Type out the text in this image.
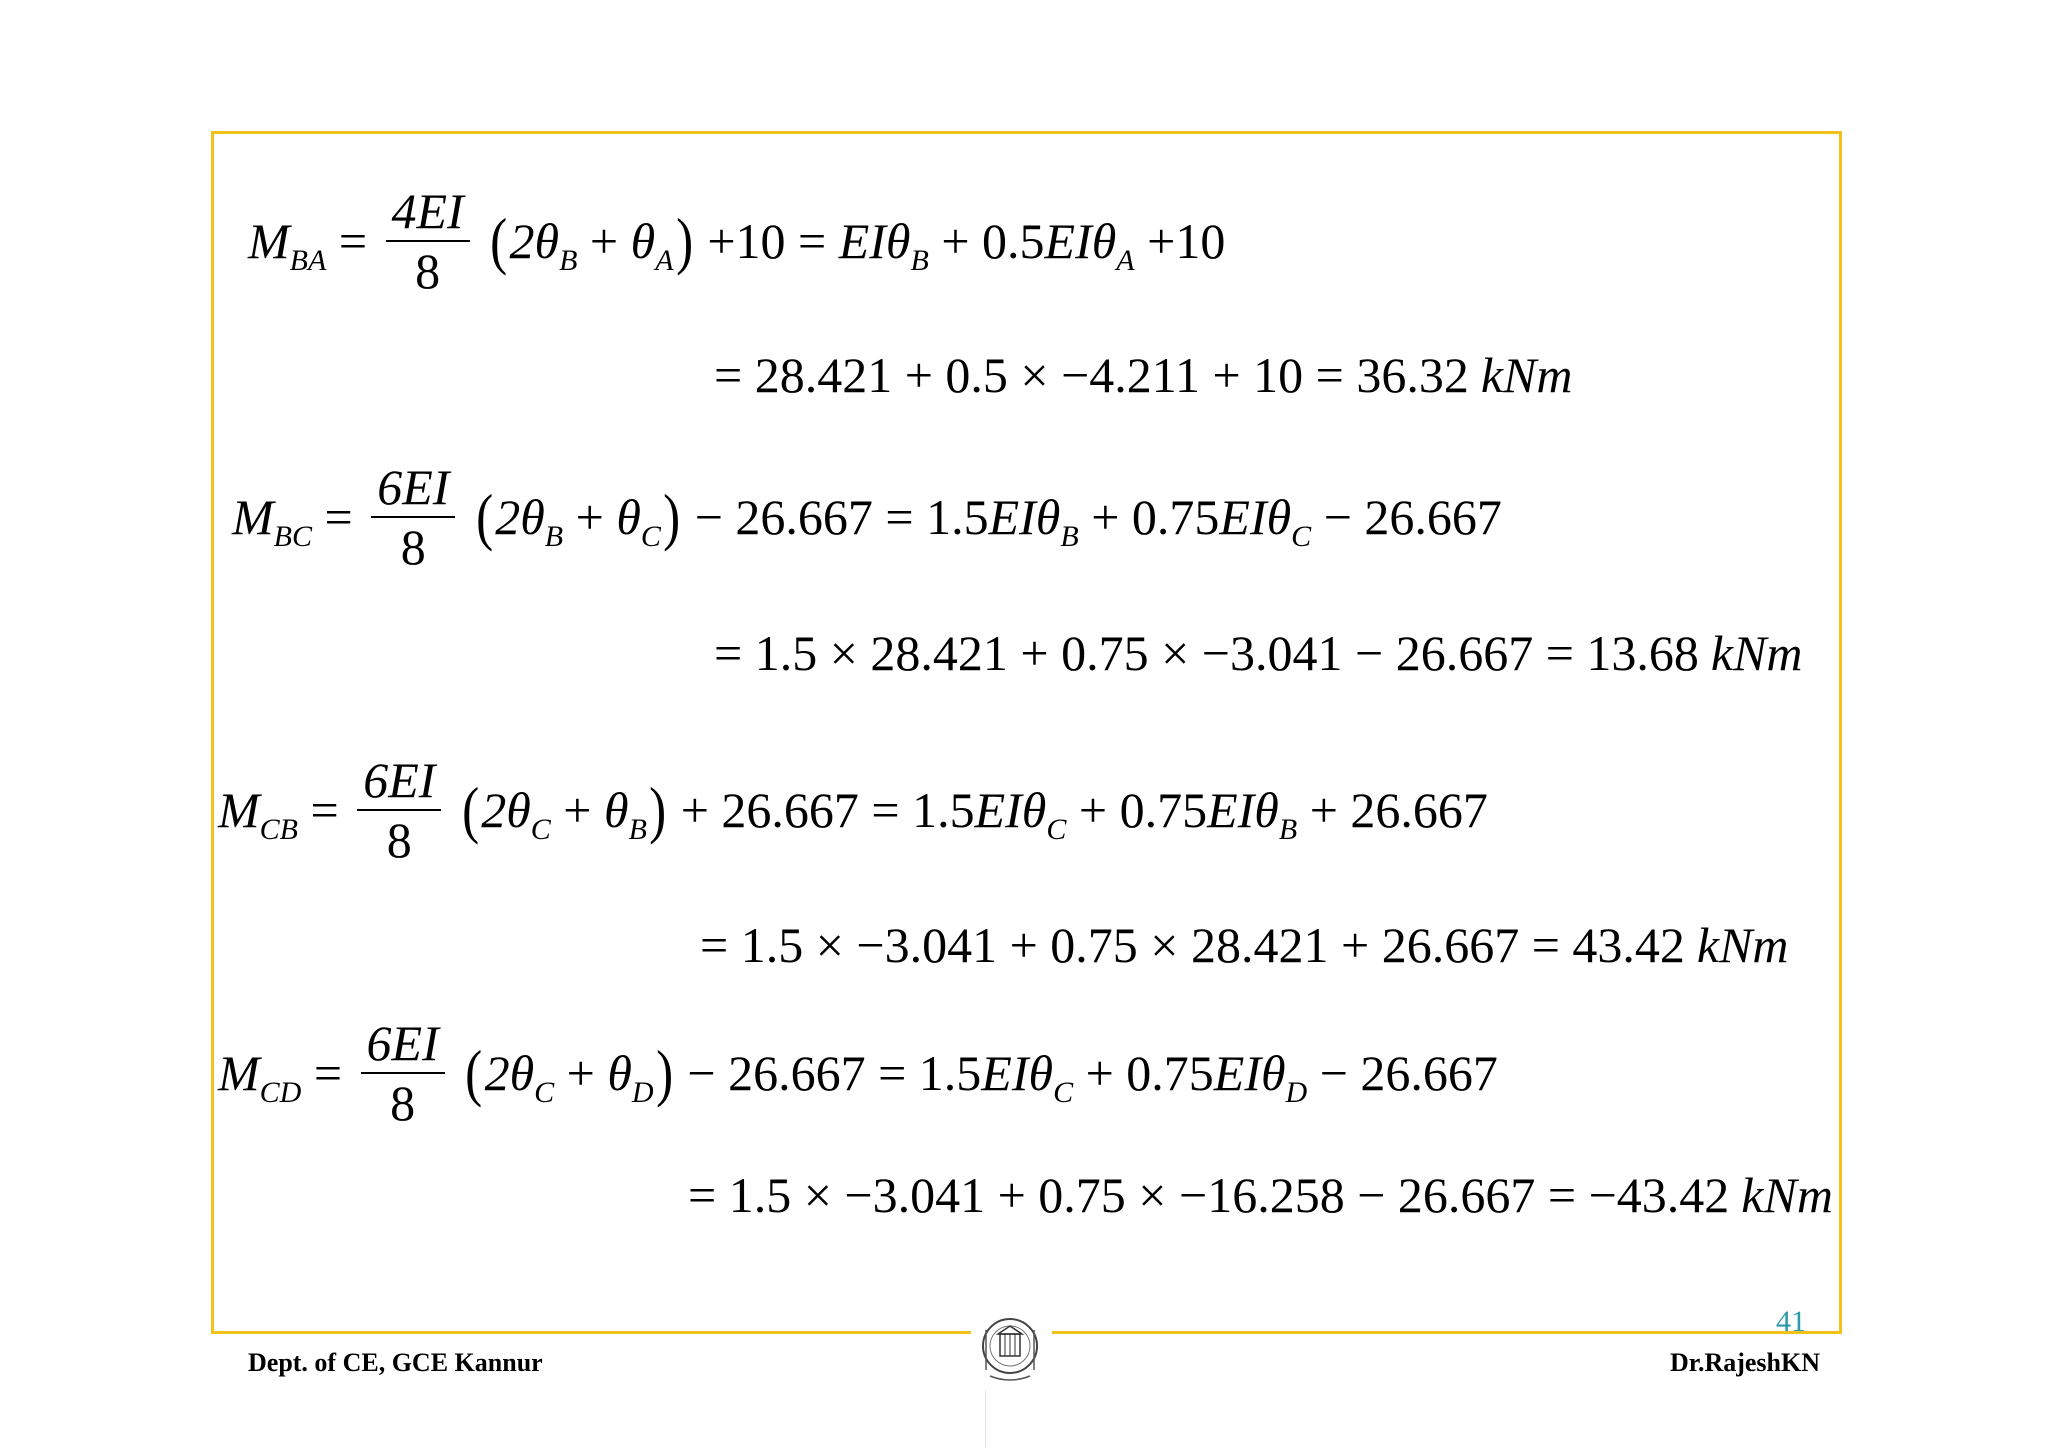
$M_{BA} = \frac{4EI}{8} (2\theta_B + \theta_A) +10 = EI\theta_B + 0.5EI\theta_A +10$
= 28.421 + 0.5 × −4.211 + 10 = 36.32 kNm
$M_{BC} = \frac{6EI}{8} (2\theta_B + \theta_C) - 26.667 = 1.5EI\theta_B + 0.75EI\theta_C - 26.667$
= 1.5 × 28.421 + 0.75 × −3.041 − 26.667 = 13.68 kNm
$M_{CB} = \frac{6EI}{8} (2\theta_C + \theta_B) + 26.667 = 1.5EI\theta_C + 0.75EI\theta_B + 26.667$
= 1.5 × −3.041 + 0.75 × 28.421 + 26.667 = 43.42 kNm
$M_{CD} = \frac{6EI}{8} (2\theta_C + \theta_D) - 26.667 = 1.5EI\theta_C + 0.75EI\theta_D - 26.667$
= 1.5 × −3.041 + 0.75 × −16.258 − 26.667 = −43.42 kNm
41
Dept. of CE, GCE Kannur	Dr.RajeshKN
